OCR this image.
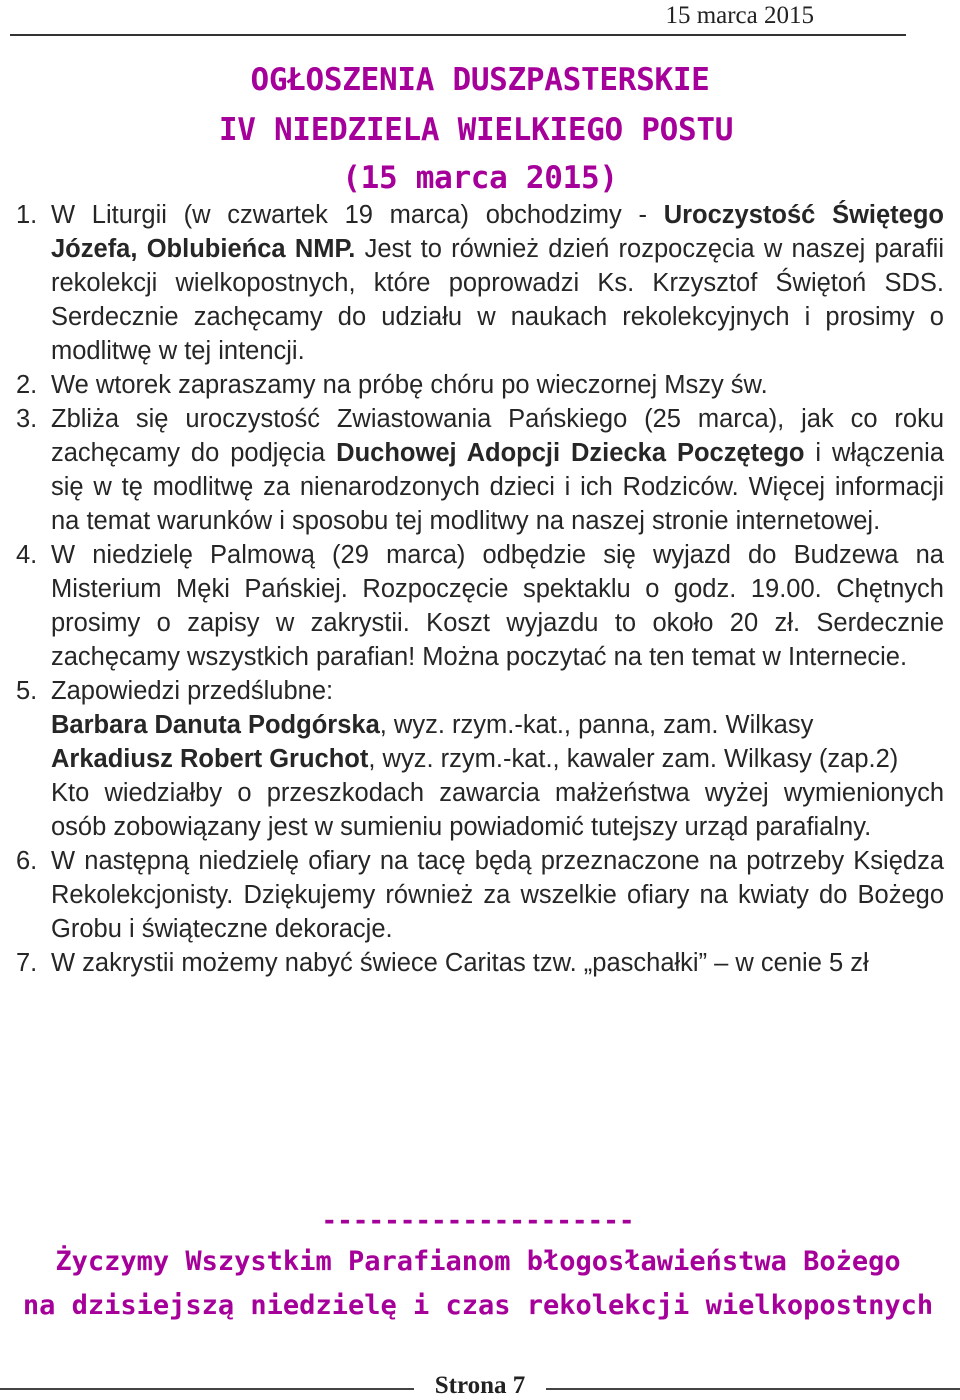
15 marca 2015
OGŁOSZENIA DUSZPASTERSKIE
IV NIEDZIELA WIELKIEGO POSTU
(15 marca 2015)
1. W Liturgii (w czwartek 19 marca) obchodzimy - Uroczystość Świętego Józefa, Oblubieńca NMP. Jest to również dzień rozpoczęcia w naszej parafii rekolekcji wielkopostnych, które poprowadzi Ks. Krzysztof Świętoń SDS. Serdecznie zachęcamy do udziału w naukach rekolekcyjnych i prosimy o modlitwę w tej intencji.
2. We wtorek zapraszamy na próbę chóru po wieczornej Mszy św.
3. Zbliża się uroczystość Zwiastowania Pańskiego (25 marca), jak co roku zachęcamy do podjęcia Duchowej Adopcji Dziecka Poczętego i włączenia się w tę modlitwę za nienarodzonych dzieci i ich Rodziców. Więcej informacji na temat warunków i sposobu tej modlitwy na naszej stronie internetowej.
4. W niedzielę Palmową (29 marca) odbędzie się wyjazd do Budzewa na Misterium Męki Pańskiej. Rozpoczęcie spektaklu o godz. 19.00. Chętnych prosimy o zapisy w zakrystii. Koszt wyjazdu to około 20 zł. Serdecznie zachęcamy wszystkich parafian! Można poczytać na ten temat w Internecie.
5. Zapowiedzi przedślubne:
Barbara Danuta Podgórska, wyz. rzym.-kat., panna, zam. Wilkasy
Arkadiusz Robert Gruchot, wyz. rzym.-kat., kawaler zam. Wilkasy (zap.2)
Kto wiedziałby o przeszkodach zawarcia małżeństwa wyżej wymienionych osób zobowiązany jest w sumieniu powiadomić tutejszy urząd parafialny.
6. W następną niedzielę ofiary na tacę będą przeznaczone na potrzeby Księdza Rekolekcjonisty. Dziękujemy również za wszelkie ofiary na kwiaty do Bożego Grobu i świąteczne dekoracje.
7. W zakrystii możemy nabyć świece Caritas tzw. „paschałki” – w cenie 5 zł
--------------------
Życzymy Wszystkim Parafianom błogosławieństwa Bożego
na dzisiejszą niedzielę i czas rekolekcji wielkopostnych
Strona 7
